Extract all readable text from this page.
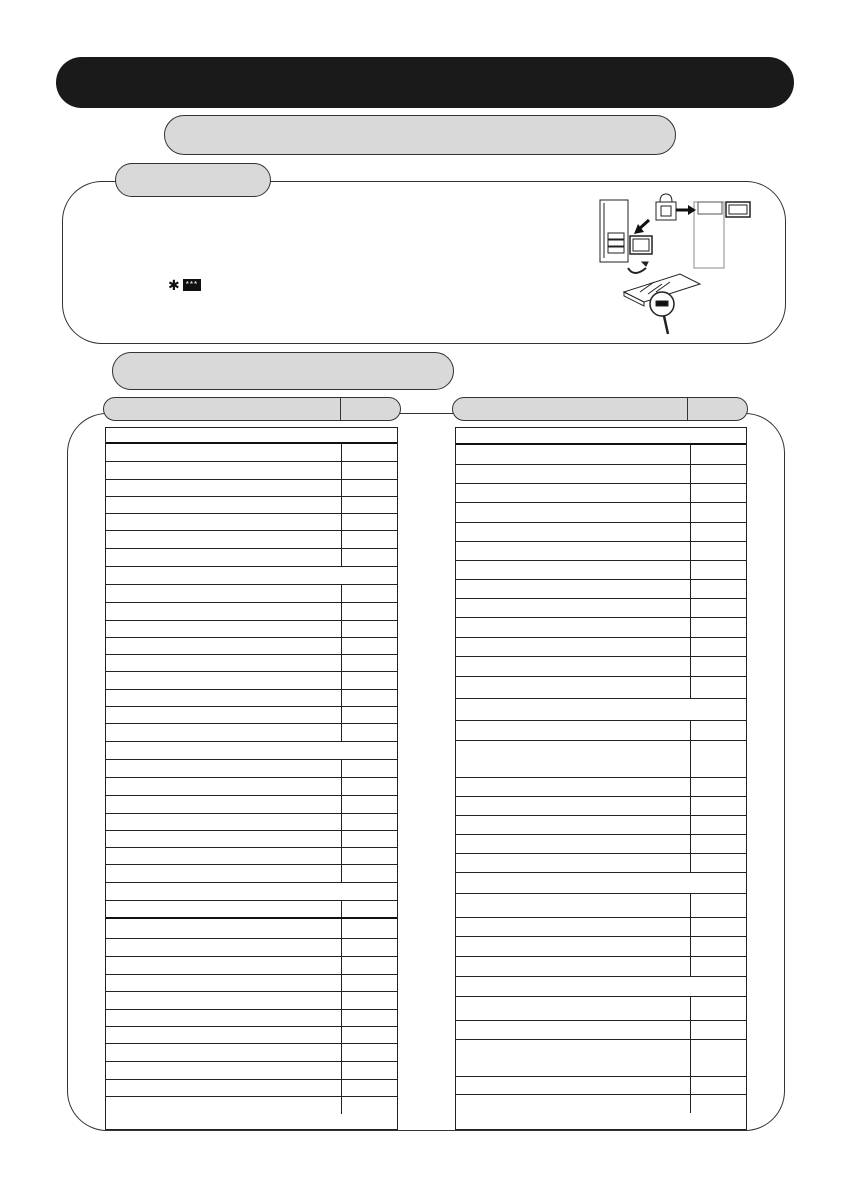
✱ ***
